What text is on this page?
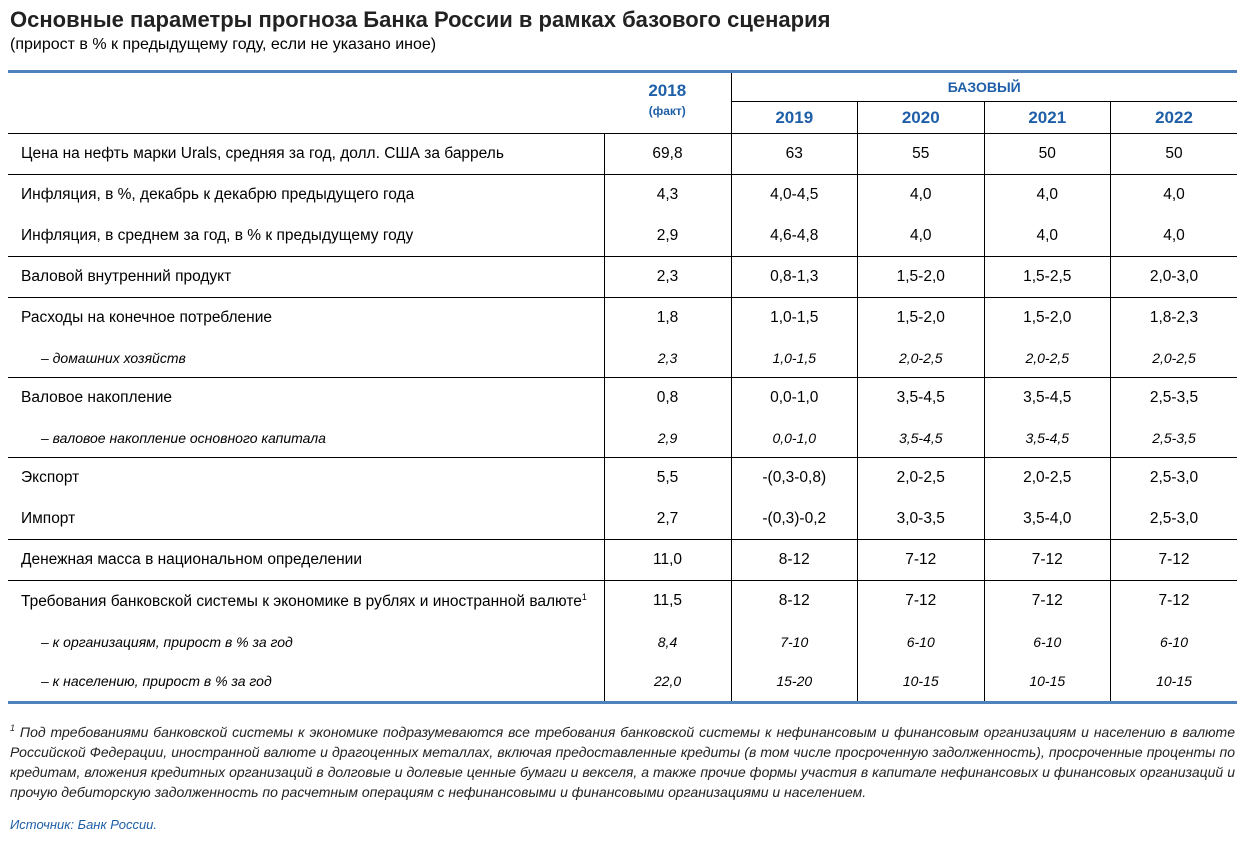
Основные параметры прогноза Банка России в рамках базового сценария
(прирост в % к предыдущему году, если не указано иное)

	2018
(факт)	БАЗОВЫЙ			
		2019	2020	2021	2022
Цена на нефть марки Urals, средняя за год, долл. США за баррель	69,8	63	55	50	50
Инфляция, в %, декабрь к декабрю предыдущего года	4,3	4,0-4,5	4,0	4,0	4,0
Инфляция, в среднем за год, в % к предыдущему году	2,9	4,6-4,8	4,0	4,0	4,0
Валовой внутренний продукт	2,3	0,8-1,3	1,5-2,0	1,5-2,5	2,0-3,0
Расходы на конечное потребление	1,8	1,0-1,5	1,5-2,0	1,5-2,0	1,8-2,3
– домашних хозяйств	2,3	1,0-1,5	2,0-2,5	2,0-2,5	2,0-2,5
Валовое накопление	0,8	0,0-1,0	3,5-4,5	3,5-4,5	2,5-3,5
– валовое накопление основного капитала	2,9	0,0-1,0	3,5-4,5	3,5-4,5	2,5-3,5
Экспорт	5,5	-(0,3-0,8)	2,0-2,5	2,0-2,5	2,5-3,0
Импорт	2,7	-(0,3)-0,2	3,0-3,5	3,5-4,0	2,5-3,0
Денежная масса в национальном определении	11,0	8-12	7-12	7-12	7-12
Требования банковской системы к экономике в рублях и иностранной валюте$^1$	11,5	8-12	7-12	7-12	7-12
– к организациям, прирост в % за год	8,4	7-10	6-10	6-10	6-10
– к населению, прирост в % за год	22,0	15-20	10-15	10-15	10-15
$^1$ Под требованиями банковской системы к экономике подразумеваются все требования банковской системы к нефинансовым и финансовым организациям и населению в валюте Российской Федерации, иностранной валюте и драгоценных металлах, включая предоставленные кредиты (в том числе просроченную задолженность), просроченные проценты по кредитам, вложения кредитных организаций в долговые и долевые ценные бумаги и векселя, а также прочие формы участия в капитале нефинансовых и финансовых организаций и прочую дебиторскую задолженность по расчетным операциям с нефинансовыми и финансовыми организациями и населением.
Источник: Банк России.
